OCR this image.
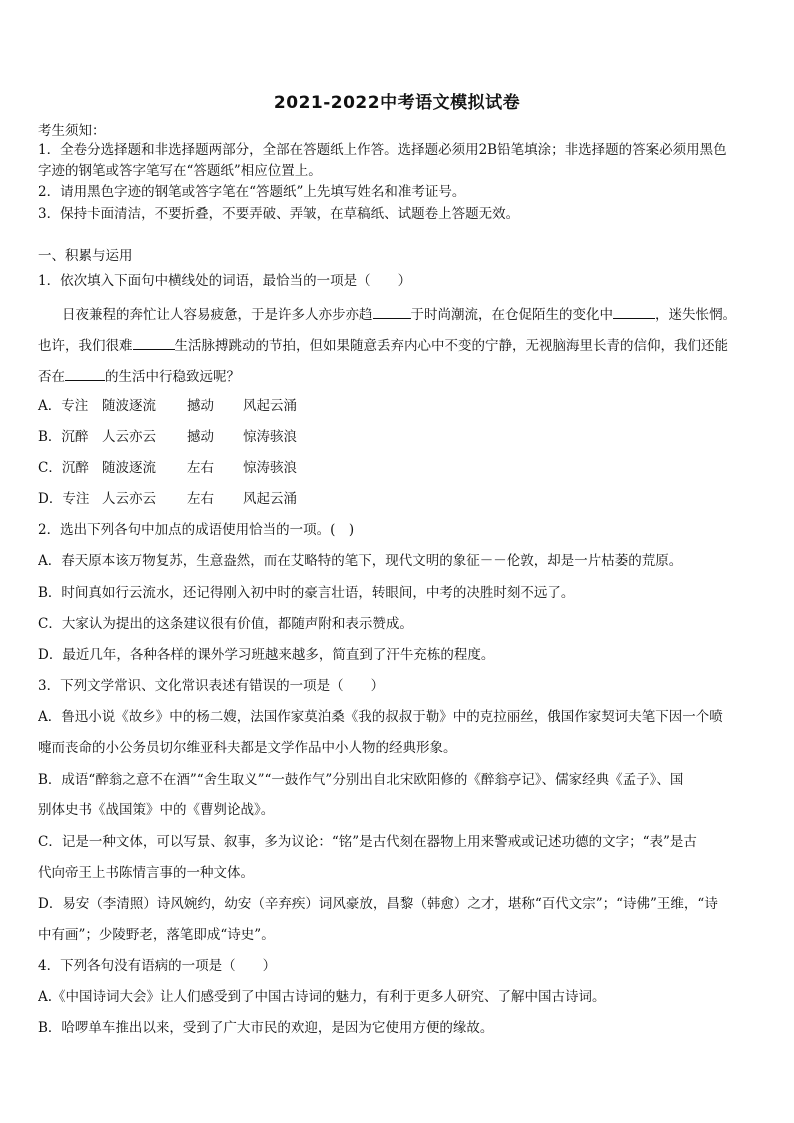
2021-2022中考语文模拟试卷
考生须知：
1．全卷分选择题和非选择题两部分，全部在答题纸上作答。选择题必须用2B铅笔填涂；非选择题的答案必须用黑色
字迹的钢笔或答字笔写在“答题纸”相应位置上。
2．请用黑色字迹的钢笔或答字笔在“答题纸”上先填写姓名和准考证号。
3．保持卡面清洁，不要折叠，不要弄破、弄皱，在草稿纸、试题卷上答题无效。
一、积累与运用
1．依次填入下面句中横线处的词语，最恰当的一项是（　　）
日夜兼程的奔忙让人容易疲惫，于是许多人亦步亦趋	于时尚潮流，在仓促陌生的变化中	，迷失怅惘。
也许，我们很难	生活脉搏跳动的节拍，但如果随意丢弃内心中不变的宁静，无视脑海里长青的信仰，我们还能
否在	的生活中行稳致远呢？
A．专注 随波逐流 撼动 风起云涌
B．沉醉 人云亦云 撼动 惊涛骇浪
C．沉醉 随波逐流 左右 惊涛骇浪
D．专注 人云亦云 左右 风起云涌
2．选出下列各句中加点的成语使用恰当的一项。(　)
A．春天原本该万物复苏，生意盎然，而在艾略特的笔下，现代文明的象征－－伦敦，却是一片枯萎的荒原。
B．时间真如行云流水，还记得刚入初中时的豪言壮语，转眼间，中考的决胜时刻不远了。
C．大家认为提出的这条建议很有价值，都随声附和表示赞成。
D．最近几年，各种各样的课外学习班越来越多，简直到了汗牛充栋的程度。
3．下列文学常识、文化常识表述有错误的一项是（　　）
A．鲁迅小说《故乡》中的杨二嫂，法国作家莫泊桑《我的叔叔于勒》中的克拉丽丝，俄国作家契诃夫笔下因一个喷
嚏而丧命的小公务员切尔维亚科夫都是文学作品中小人物的经典形象。
B．成语“醉翁之意不在酒”“舍生取义”“一鼓作气”分别出自北宋欧阳修的《醉翁亭记》、儒家经典《孟子》、国
别体史书《战国策》中的《曹刿论战》。
C．记是一种文体，可以写景、叙事，多为议论：“铭”是古代刻在器物上用来警戒或记述功德的文字；“表”是古
代向帝王上书陈情言事的一种文体。
D．易安（李清照）诗风婉约，幼安（辛弃疾）词风豪放，昌黎（韩愈）之才，堪称“百代文宗”；“诗佛”王维，“诗
中有画”；少陵野老，落笔即成“诗史”。
4．下列各句没有语病的一项是（　　）
A.《中国诗词大会》让人们感受到了中国古诗词的魅力，有利于更多人研究、了解中国古诗词。
B．哈啰单车推出以来，受到了广大市民的欢迎，是因为它使用方便的缘故。
